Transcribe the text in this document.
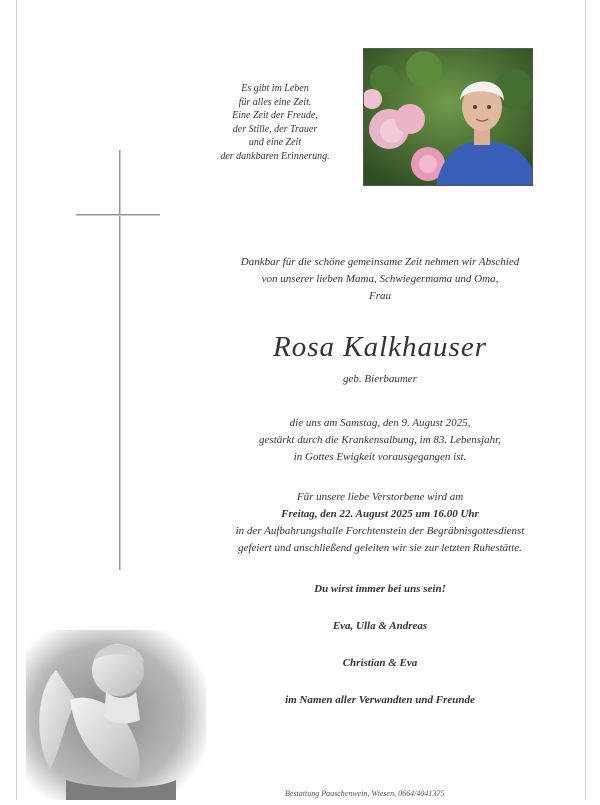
Es gibt im Leben
für alles eine Zeit.
Eine Zeit der Freude,
der Stille, der Trauer
und eine Zeit
der dankbaren Erinnerung.
Dankbar für die schöne gemeinsame Zeit nehmen wir Abschied
von unserer lieben Mama, Schwiegermama und Oma,
Frau
Rosa Kalkhauser
geb. Bierbaumer
die uns am Samstag, den 9. August 2025,
gestärkt durch die Krankensalbung, im 83. Lebensjahr,
in Gottes Ewigkeit vorausgegangen ist.
Für unsere liebe Verstorbene wird am
Freitag, den 22. August 2025 um 16.00 Uhr
in der Aufbahrungshalle Forchtenstein der Begräbnisgottesdienst
gefeiert und anschließend geleiten wir sie zur letzten Ruhestätte.
Du wirst immer bei uns sein!
Eva, Ulla & Andreas
Christian & Eva
im Namen aller Verwandten und Freunde
Bestattung Pauschenwein, Wiesen, 0664/4041375
